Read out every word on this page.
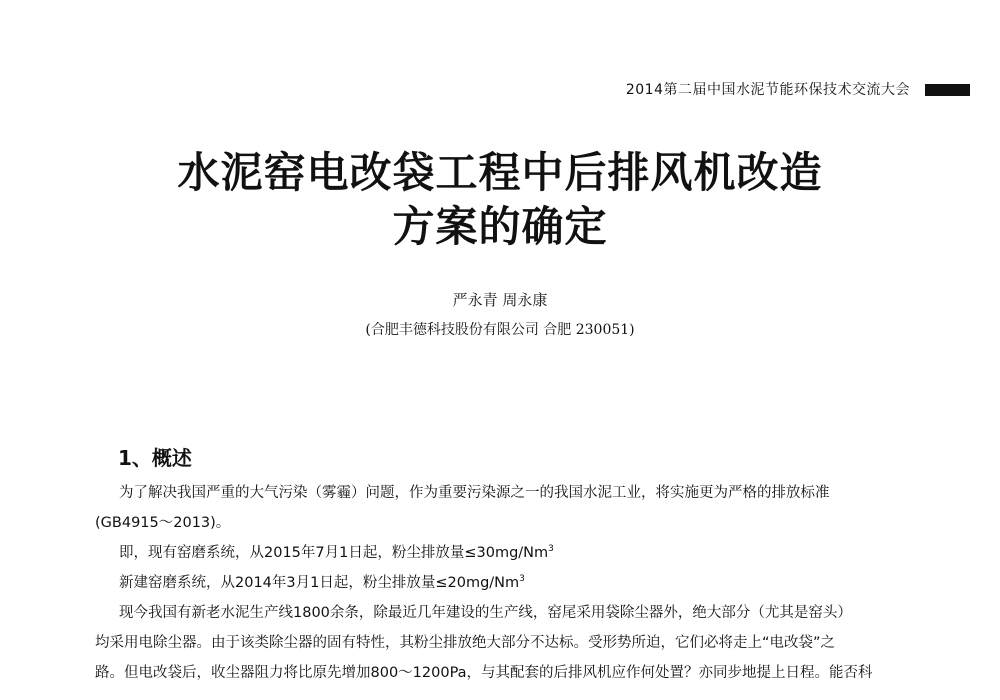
2014第二届中国水泥节能环保技术交流大会
水泥窑电改袋工程中后排风机改造
方案的确定
严永青 周永康
(合肥丰德科技股份有限公司 合肥 230051)
1、概述
为了解决我国严重的大气污染（雾霾）问题，作为重要污染源之一的我国水泥工业，将实施更为严格的排放标准
(GB4915～2013)。
即，现有窑磨系统，从2015年7月1日起，粉尘排放量$\le 30mg/Nm^3$
新建窑磨系统，从2014年3月1日起，粉尘排放量$\le 20mg/Nm^3$
现今我国有新老水泥生产线1800余条，除最近几年建设的生产线，窑尾采用袋除尘器外，绝大部分（尤其是窑头）
均采用电除尘器。由于该类除尘器的固有特性，其粉尘排放绝大部分不达标。受形势所迫，它们必将走上“电改袋”之
路。但电改袋后，收尘器阻力将比原先增加800～1200Pa，与其配套的后排风机应作何处置？亦同步地提上日程。能否科
